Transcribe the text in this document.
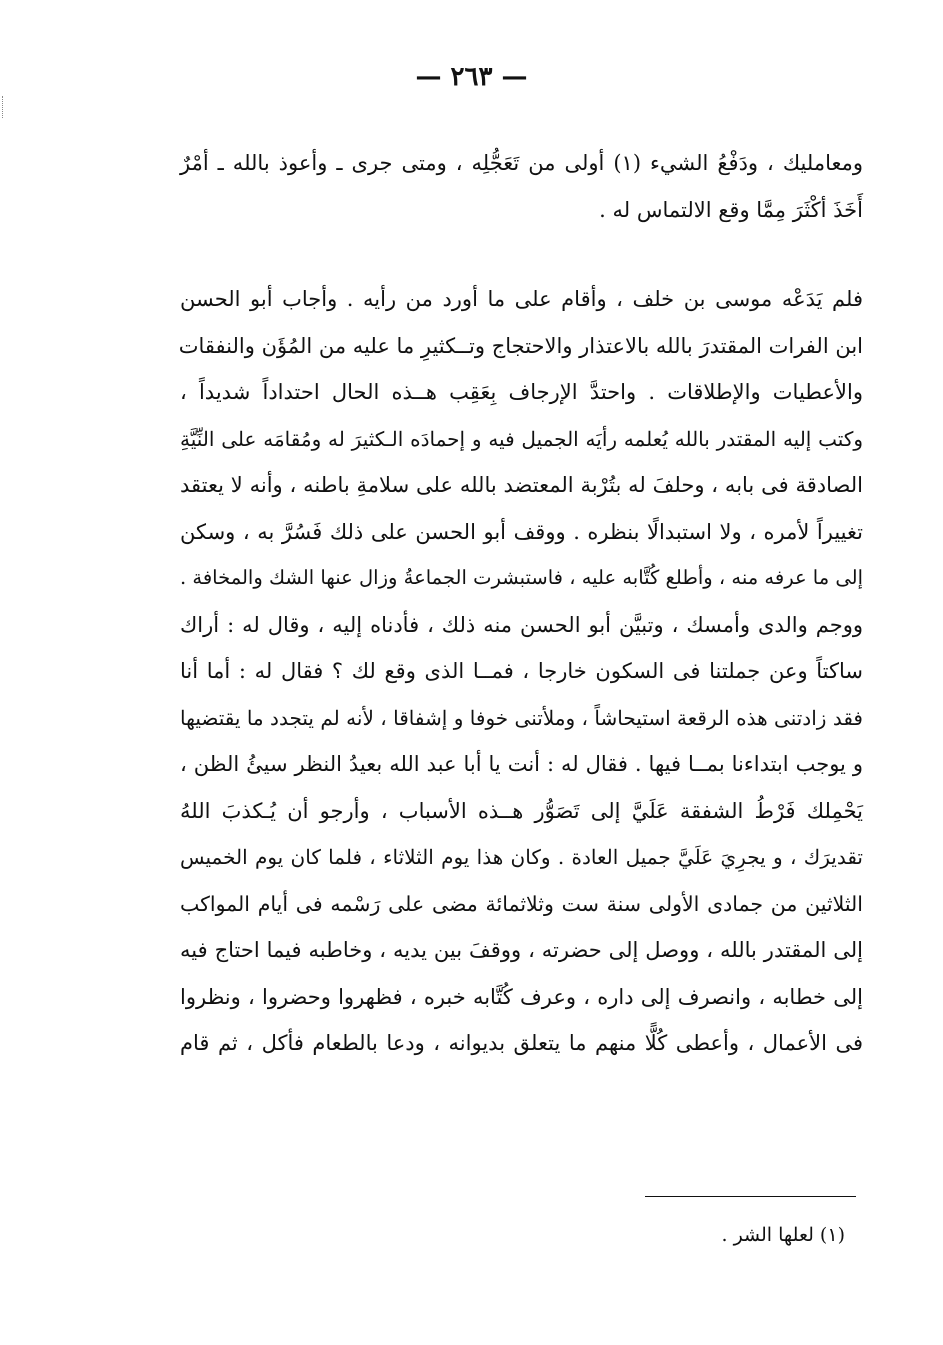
— ٢٦٣ —
ومعامليك ، ودَفْعُ الشيء (١) أولى من تَعَجُّلِه ، ومتى جرى ـ وأعوذ بالله ـ أمْرٌ
أَخَذَ أكْثَرَ مِمَّا وقع الالتماس له .
فلم يَدَعْه موسى بن خلف ، وأقام على ما أورد من رأيه . وأجاب أبو الحسن
ابن الفرات المقتدرَ بالله بالاعتذار والاحتجاج وتــكثيرِ ما عليه من المُؤَن والنفقات
والأعطيات والإطلاقات . واحتدَّ الإرجاف بِعَقِب هــذه الحال احتداداً شديداً ،
وكتب إليه المقتدر بالله يُعلمه رأيَه الجميل فيه و إحمادَه الـكثيرَ له ومُقامَه على النِّيَّةِ
الصادقة فى بابه ، وحلفَ له بتُرْبة المعتضد بالله على سلامةِ باطنه ، وأنه لا يعتقد
تغييراً لأمره ، ولا استبدالًا بنظره . ووقف أبو الحسن على ذلك فَسُرَّ به ، وسكن
إلى ما عرفه منه ، وأطلع كُتَّابه عليه ، فاستبشرت الجماعةُ وزال عنها الشك والمخافة .
ووجم والدى وأمسك ، وتبيَّن أبو الحسن منه ذلك ، فأدناه إليه ، وقال له : أراك
ساكتاً وعن جملتنا فى السكون خارجا ، فمــا الذى وقع لك ؟ فقال له : أما أنا
فقد زادتنى هذه الرقعة استيحاشاً ، وملأتنى خوفا و إشفاقا ، لأنه لم يتجدد ما يقتضيها
و يوجب ابتداءنا بمــا فيها . فقال له : أنت يا أبا عبد الله بعيدُ النظر سيئُ الظن ،
يَحْمِلك فَرْطُ الشفقة عَلَيَّ إلى تَصَوُّر هــذه الأسباب ، وأرجو أن يُـكذبَ اللهُ
تقديرَك ، و يجرِيَ عَلَيَّ جميل العادة . وكان هذا يوم الثلاثاء ، فلما كان يوم الخميس
الثلاثين من جمادى الأولى سنة ست وثلاثمائة مضى على رَسْمه فى أيام المواكب
إلى المقتدر بالله ، ووصل إلى حضرته ، ووقفَ بين يديه ، وخاطبه فيما احتاج فيه
إلى خطابه ، وانصرف إلى داره ، وعرف كُتَّابه خبره ، فظهروا وحضروا ، ونظروا
فى الأعمال ، وأعطى كُلًّا منهم ما يتعلق بديوانه ، ودعا بالطعام فأكل ، ثم قام
(١) لعلها الشر .
